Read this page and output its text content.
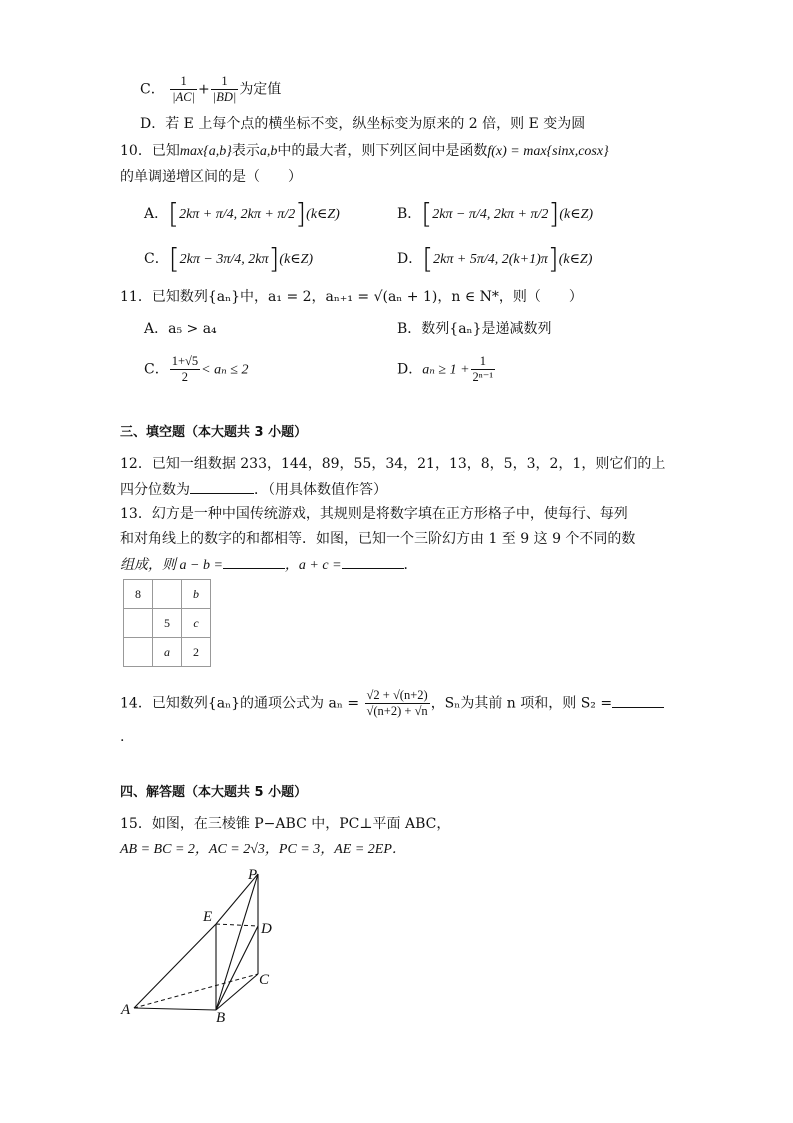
C． $\frac{1}{|AC|} + \frac{1}{|BD|}$ 为定值
D．若 E 上每个点的横坐标不变，纵坐标变为原来的 2 倍，则 E 变为圆
10．已知max{a,b}表示a,b中的最大者，则下列区间中是函数f(x) = max{sinx,cosx}
的单调递增区间的是（　　）
A．[2kπ + π/4, 2kπ + π/2](k∈Z)	B．[2kπ − π/4, 2kπ + π/2](k∈Z)
C．[2kπ − 3π/4, 2kπ](k∈Z)	D．[2kπ + 5π/4, 2(k+1)π](k∈Z)
11．已知数列{aₙ}中，a₁ = 2，aₙ₊₁ = √(aₙ + 1)，n ∈ N*，则（　　）
A．a₅ > a₄	B．数列{aₙ}是递减数列
C． $\frac{1+√5}{2} < a_n \le 2$	D．$a_n \ge 1 + \frac{1}{\text{2ⁿ⁻¹}}$
三、填空题（本大题共 3 小题）
12．已知一组数据 233，144，89，55，34，21，13，8，5，3，2，1，则它们的上
四分位数为	．（用具体数值作答）
13．幻方是一种中国传统游戏，其规则是将数字填在正方形格子中，使每行、每列
和对角线上的数字的和都相等．如图，已知一个三阶幻方由 1 至 9 这 9 个不同的数
组成，则 a − b =	，a + c =	．
8		b
	5	c
	a	2
14．已知数列{aₙ}的通项公式为 $a_n = \frac{√2 + √(n+2)}{√(n+2) + √n}$ ，Sₙ为其前 n 项和，则 S₂ =
.
四、解答题（本大题共 5 小题）
15．如图，在三棱锥 P−ABC 中，PC⊥平面 ABC，
AB = BC = 2，AC = 2√3，PC = 3，AE = 2EP．
P
E
D
C
A	B
